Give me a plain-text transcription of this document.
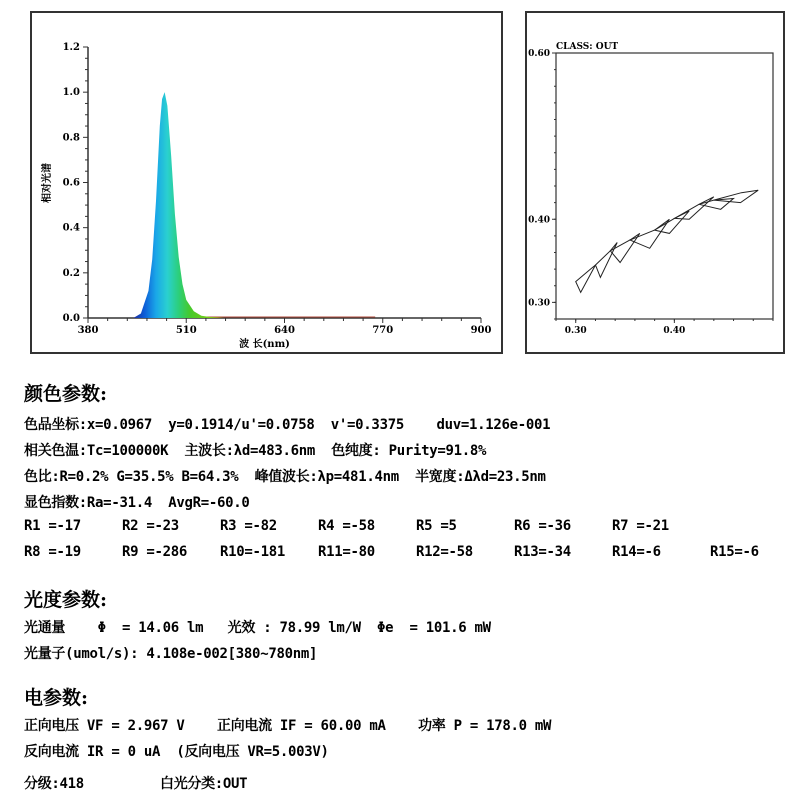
380	510	640	770	900
0.0
0.2
0.4
0.6
0.8
1.0
1.2
波 长(nm)
相对光谱
0.30	0.40
0.30
0.40
0.60
CLASS: OUT
颜色参数:
色品坐标:x=0.0967  y=0.1914/u'=0.0758  v'=0.3375    duv=1.126e-001
相关色温:Tc=100000K  主波长:λd=483.6nm  色纯度: Purity=91.8%
色比:R=0.2% G=35.5% B=64.3%  峰值波长:λp=481.4nm  半宽度:Δλd=23.5nm
显色指数:Ra=-31.4  AvgR=-60.0
R1 =-17	R2 =-23	R3 =-82	R4 =-58	R5 =5	R6 =-36	R7 =-21
R8 =-19	R9 =-286 R10=-181 R11=-80	R12=-58	R13=-34	R14=-6	R15=-6
光度参数:
光通量    Φ  = 14.06 lm   光效 : 78.99 lm/W  Φe  = 101.6 mW
光量子(umol/s): 4.108e-002[380~780nm]
电参数:
正向电压 VF = 2.967 V    正向电流 IF = 60.00 mA    功率 P = 178.0 mW
反向电流 IR = 0 uA  (反向电压 VR=5.003V)
分级:418	白光分类:OUT
